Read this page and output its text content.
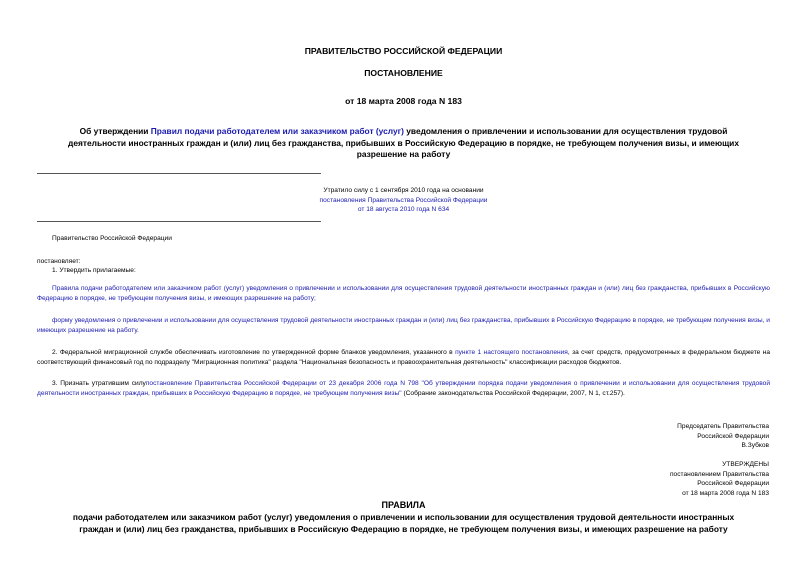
ПРАВИТЕЛЬСТВО РОССИЙСКОЙ ФЕДЕРАЦИИ
ПОСТАНОВЛЕНИЕ
от 18 марта 2008 года N 183
Об утверждении Правил подачи работодателем или заказчиком работ (услуг) уведомления о привлечении и использовании для осуществления трудовой
деятельности иностранных граждан и (или) лиц без гражданства, прибывших в Российскую Федерацию в порядке, не требующем получения визы, и имеющих
разрешение на работу
Утратило силу с 1 сентября 2010 года на основании
постановления Правительства Российской Федерации
от 18 августа 2010 года N 634
Правительство Российской Федерации
постановляет:
1. Утвердить прилагаемые:
Правила подачи работодателем или заказчиком работ (услуг) уведомления о привлечении и использовании для осуществления трудовой деятельности иностранных граждан и (или) лиц без гражданства, прибывших в Российскую Федерацию в порядке, не требующем получения визы, и имеющих разрешение на работу;
форму уведомления о привлечении и использовании для осуществления трудовой деятельности иностранных граждан и (или) лиц без гражданства, прибывших в Российскую Федерацию в порядке, не требующем получения визы, и имеющих разрешение на работу.
2. Федеральной миграционной службе обеспечивать изготовление по утвержденной форме бланков уведомления, указанного в пункте 1 настоящего постановления, за счет средств, предусмотренных в федеральном бюджете на соответствующий финансовый год по подразделу "Миграционная политика" раздела "Национальная безопасность и правоохранительная деятельность" классификации расходов бюджетов.
3. Признать утратившим силупостановление Правительства Российской Федерации от 23 декабря 2006 года N 798 "Об утверждении порядка подачи уведомления о привлечении и использовании для осуществления трудовой деятельности иностранных граждан, прибывших в Российскую Федерацию в порядке, не требующем получения визы" (Собрание законодательства Российской Федерации, 2007, N 1, ст.257).
Председатель Правительства
Российской Федерации
В.Зубков
УТВЕРЖДЕНЫ
постановлением Правительства
Российской Федерации
от 18 марта 2008 года N 183
ПРАВИЛА
подачи работодателем или заказчиком работ (услуг) уведомления о привлечении и использовании для осуществления трудовой деятельности иностранных
граждан и (или) лиц без гражданства, прибывших в Российскую Федерацию в порядке, не требующем получения визы, и имеющих разрешение на работу
